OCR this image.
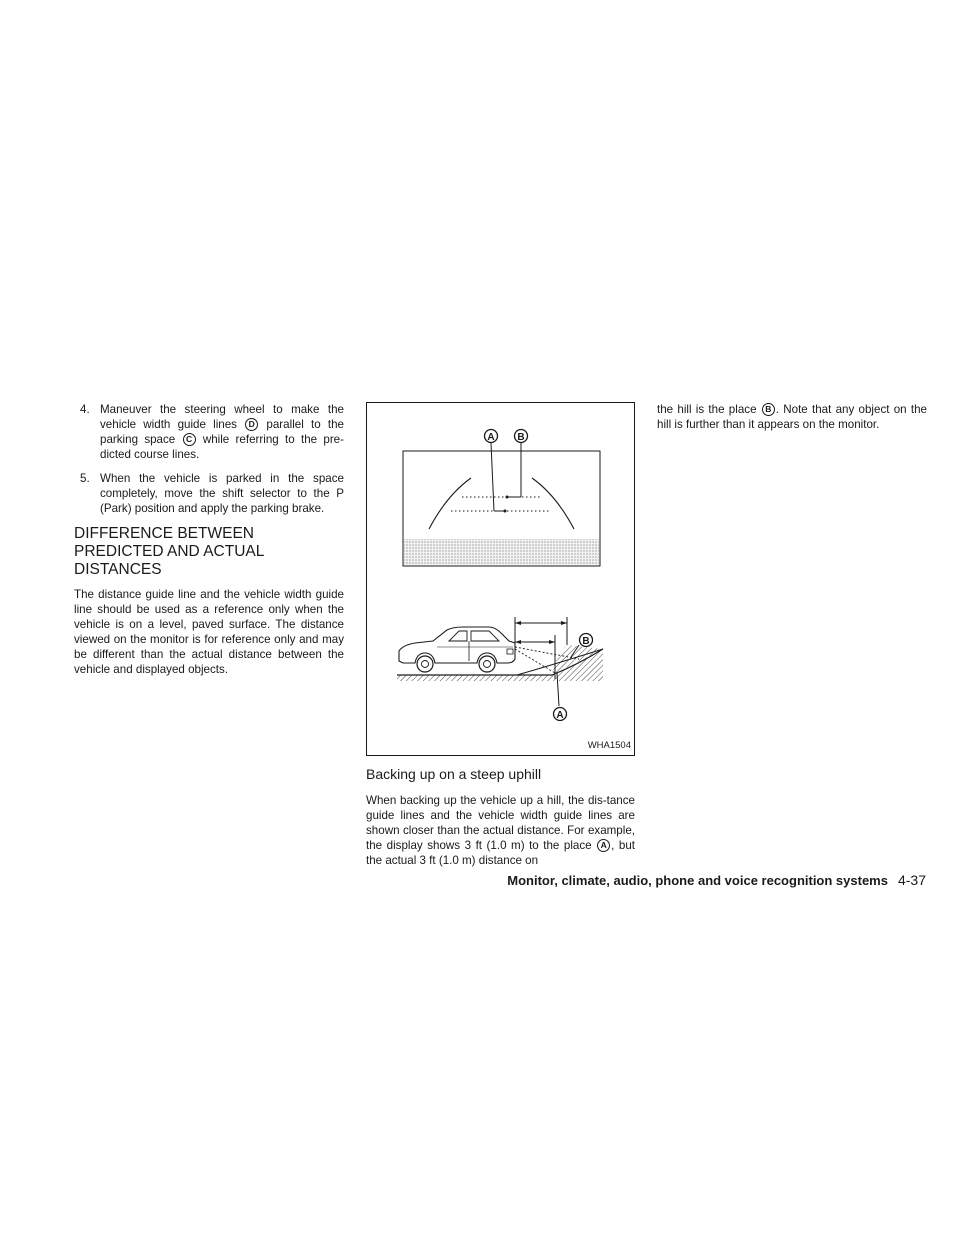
4. Maneuver the steering wheel to make the vehicle width guide lines D parallel to the parking space C while referring to the pre-dicted course lines.
5. When the vehicle is parked in the space completely, move the shift selector to the P (Park) position and apply the parking brake.
DIFFERENCE BETWEEN PREDICTED AND ACTUAL DISTANCES
The distance guide line and the vehicle width guide line should be used as a reference only when the vehicle is on a level, paved surface. The distance viewed on the monitor is for reference only and may be different than the actual distance between the vehicle and displayed objects.
A B
B
A
WHA1504
Backing up on a steep uphill
When backing up the vehicle up a hill, the dis-tance guide lines and the vehicle width guide lines are shown closer than the actual distance. For example, the display shows 3 ft (1.0 m) to the place A , but the actual 3 ft (1.0 m) distance on
the hill is the place B . Note that any object on the hill is further than it appears on the monitor.
Monitor, climate, audio, phone and voice recognition systems 4-37
